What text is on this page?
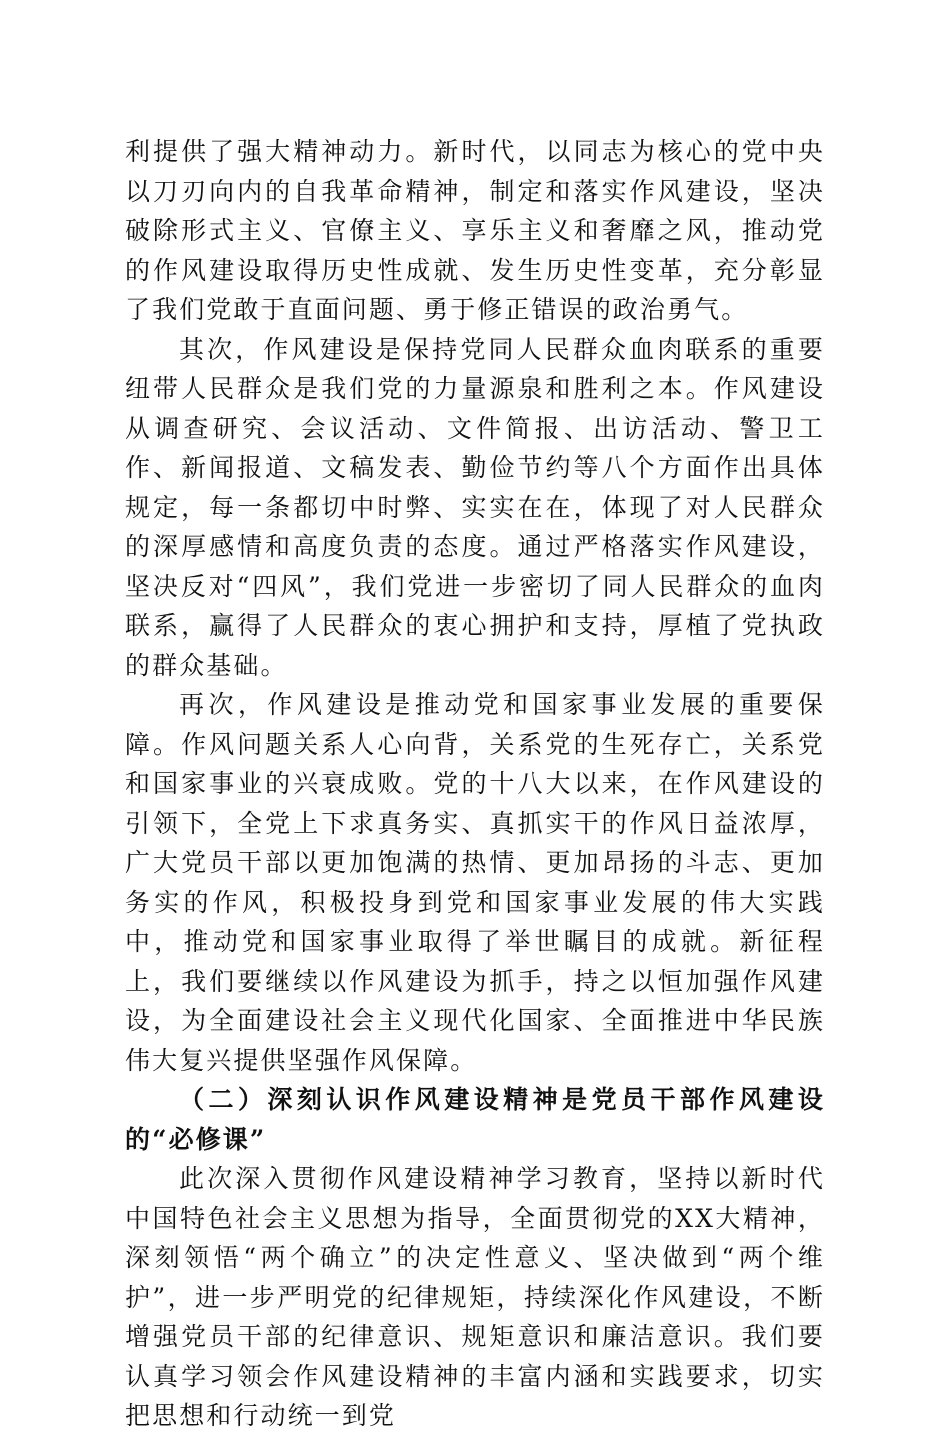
利提供了强大精神动力。新时代，以同志为核心的党中央以刀刃向内的自我革命精神，制定和落实作风建设，坚决破除形式主义、官僚主义、享乐主义和奢靡之风，推动党的作风建设取得历史性成就、发生历史性变革，充分彰显了我们党敢于直面问题、勇于修正错误的政治勇气。

其次，作风建设是保持党同人民群众血肉联系的重要纽带人民群众是我们党的力量源泉和胜利之本。作风建设从调查研究、会议活动、文件简报、出访活动、警卫工作、新闻报道、文稿发表、勤俭节约等八个方面作出具体规定，每一条都切中时弊、实实在在，体现了对人民群众的深厚感情和高度负责的态度。通过严格落实作风建设，坚决反对“四风”，我们党进一步密切了同人民群众的血肉联系，赢得了人民群众的衷心拥护和支持，厚植了党执政的群众基础。

再次，作风建设是推动党和国家事业发展的重要保障。作风问题关系人心向背，关系党的生死存亡，关系党和国家事业的兴衰成败。党的十八大以来，在作风建设的引领下，全党上下求真务实、真抓实干的作风日益浓厚，广大党员干部以更加饱满的热情、更加昂扬的斗志、更加务实的作风，积极投身到党和国家事业发展的伟大实践中，推动党和国家事业取得了举世瞩目的成就。新征程上，我们要继续以作风建设为抓手，持之以恒加强作风建设，为全面建设社会主义现代化国家、全面推进中华民族伟大复兴提供坚强作风保障。

（二）深刻认识作风建设精神是党员干部作风建设的“必修课”

此次深入贯彻作风建设精神学习教育，坚持以新时代中国特色社会主义思想为指导，全面贯彻党的XX大精神，深刻领悟“两个确立”的决定性意义、坚决做到“两个维护”，进一步严明党的纪律规矩，持续深化作风建设，不断增强党员干部的纪律意识、规矩意识和廉洁意识。我们要认真学习领会作风建设精神的丰富内涵和实践要求，切实把思想和行动统一到党
